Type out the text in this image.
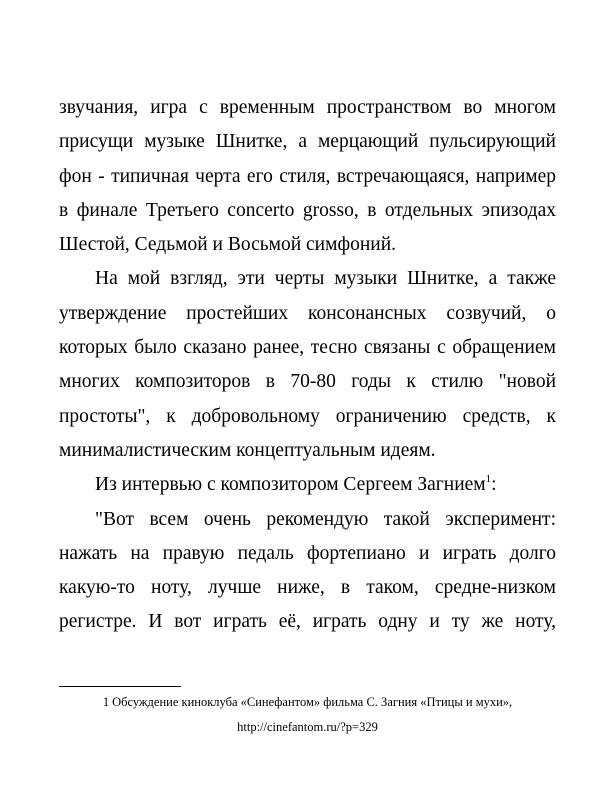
звучания, игра с временным пространством во многом присущи музыке Шнитке, а мерцающий пульсирующий фон - типичная черта его стиля, встречающаяся, например в финале Третьего concerto grosso, в отдельных эпизодах Шестой, Седьмой и Восьмой симфоний.

На мой взгляд, эти черты музыки Шнитке, а также утверждение простейших консонансных созвучий, о которых было сказано ранее, тесно связаны с обращением многих композиторов в 70-80 годы к стилю "новой простоты", к добровольному ограничению средств, к минималистическим концептуальным идеям.

Из интервью с композитором Сергеем Загнием$^1$:

"Вот всем очень рекомендую такой эксперимент: нажать на правую педаль фортепиано и играть долго какую-то ноту, лучше ниже, в таком, средне-низком регистре. И вот играть её, играть одну и ту же ноту,

1 Обсуждение киноклуба «Синефантом» фильма С. Загния «Птицы и мухи»,
http://cinefantom.ru/?p=329
